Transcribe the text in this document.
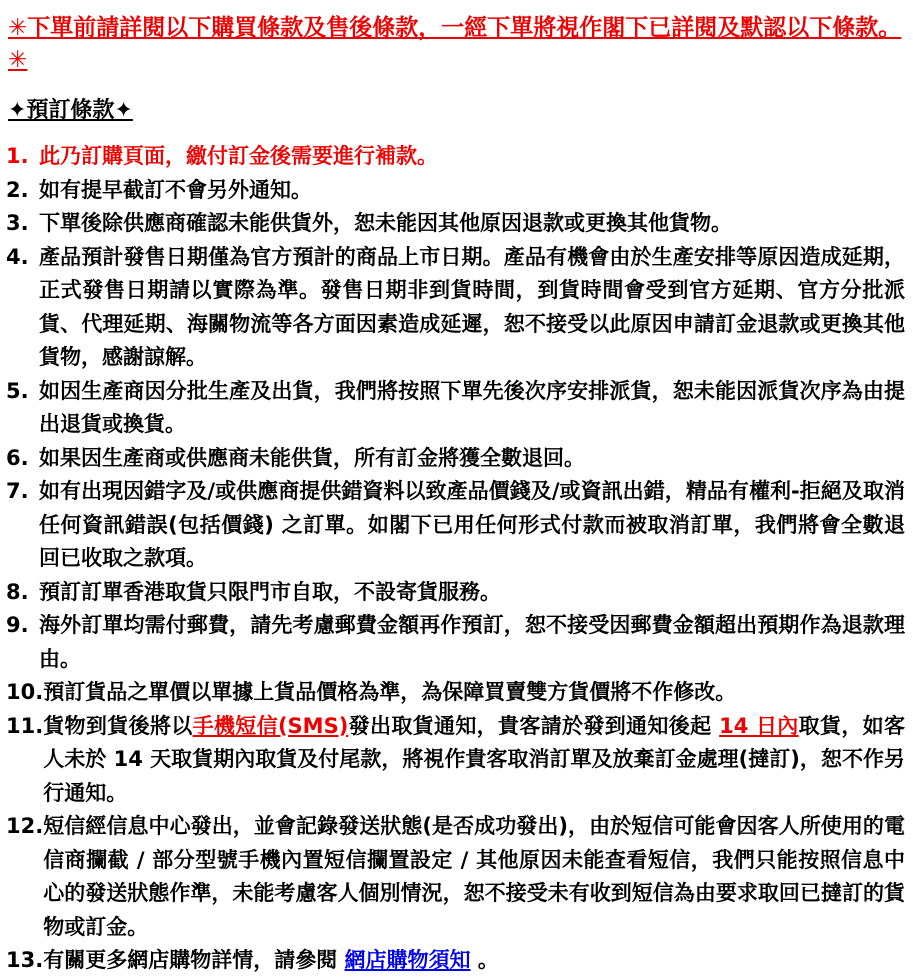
✳下單前請詳閱以下購買條款及售後條款，一經下單將視作閣下已詳閱及默認以下條款。✳
✦預訂條款✦
1. 此乃訂購頁面，繳付訂金後需要進行補款。
2. 如有提早截訂不會另外通知。
3. 下單後除供應商確認未能供貨外，恕未能因其他原因退款或更換其他貨物。
4. 產品預計發售日期僅為官方預計的商品上市日期。產品有機會由於生產安排等原因造成延期，正式發售日期請以實際為準。發售日期非到貨時間，到貨時間會受到官方延期、官方分批派貨、代理延期、海關物流等各方面因素造成延遲，恕不接受以此原因申請訂金退款或更換其他貨物，感謝諒解。
5. 如因生產商因分批生產及出貨，我們將按照下單先後次序安排派貨，恕未能因派貨次序為由提出退貨或換貨。
6. 如果因生產商或供應商未能供貨，所有訂金將獲全數退回。
7. 如有出現因錯字及/或供應商提供錯資料以致產品價錢及/或資訊出錯，精品有權利-拒絕及取消任何資訊錯誤(包括價錢) 之訂單。如閣下已用任何形式付款而被取消訂單，我們將會全數退回已收取之款項。
8. 預訂訂單香港取貨只限門市自取，不設寄貨服務。
9. 海外訂單均需付郵費，請先考慮郵費金額再作預訂，恕不接受因郵費金額超出預期作為退款理由。
10. 預訂貨品之單價以單據上貨品價格為準，為保障買賣雙方貨價將不作修改。
11. 貨物到貨後將以手機短信(SMS)發出取貨通知，貴客請於發到通知後起 14 日內取貨，如客人未於 14 天取貨期內取貨及付尾款，將視作貴客取消訂單及放棄訂金處理(撻訂)，恕不作另行通知。
12. 短信經信息中心發出，並會記錄發送狀態(是否成功發出)，由於短信可能會因客人所使用的電信商攔截 / 部分型號手機內置短信攔置設定 / 其他原因未能查看短信，我們只能按照信息中心的發送狀態作準，未能考慮客人個別情況，恕不接受未有收到短信為由要求取回已撻訂的貨物或訂金。
13. 有關更多網店購物詳情，請參閱 網店購物須知 。
